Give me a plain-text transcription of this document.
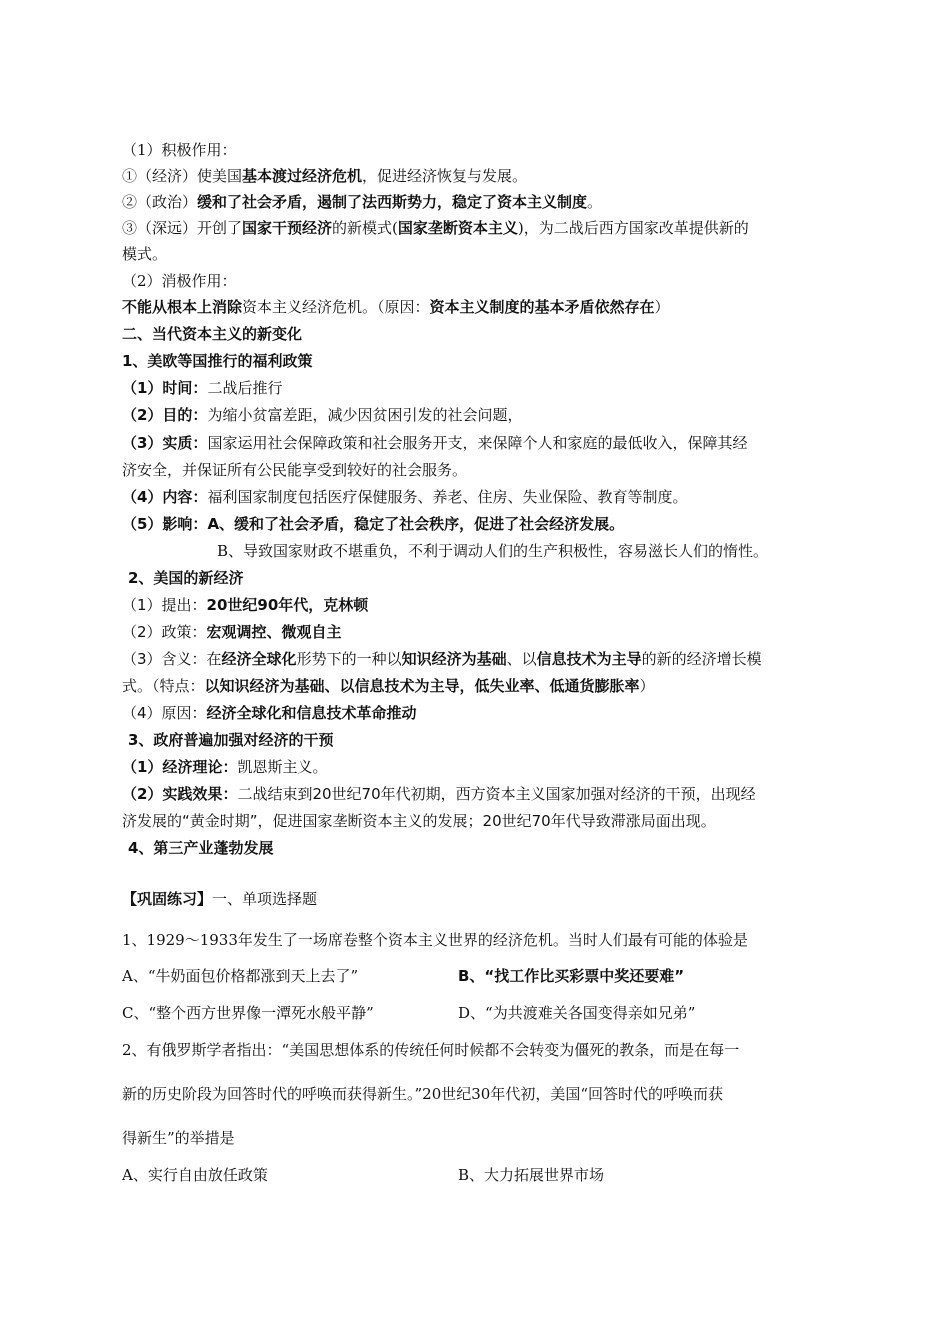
（1）积极作用：
①（经济）使美国基本渡过经济危机，促进经济恢复与发展。
②（政治）缓和了社会矛盾，遏制了法西斯势力，稳定了资本主义制度。
③（深远）开创了国家干预经济的新模式(国家垄断资本主义)，为二战后西方国家改革提供新的
模式。
（2）消极作用：
不能从根本上消除资本主义经济危机。（原因：资本主义制度的基本矛盾依然存在）
二、当代资本主义的新变化
1、美欧等国推行的福利政策
（1）时间：二战后推行
（2）目的：为缩小贫富差距，减少因贫困引发的社会问题，
（3）实质：国家运用社会保障政策和社会服务开支，来保障个人和家庭的最低收入，保障其经
济安全，并保证所有公民能享受到较好的社会服务。
（4）内容：福利国家制度包括医疗保健服务、养老、住房、失业保险、教育等制度。
（5）影响：A、缓和了社会矛盾，稳定了社会秩序，促进了社会经济发展。
B、导致国家财政不堪重负，不利于调动人们的生产积极性，容易滋长人们的惰性。
2、美国的新经济
（1）提出：20世纪90年代，克林顿
（2）政策：宏观调控、微观自主
（3）含义：在经济全球化形势下的一种以知识经济为基础、以信息技术为主导的新的经济增长模
式。（特点：以知识经济为基础、以信息技术为主导，低失业率、低通货膨胀率）
（4）原因：经济全球化和信息技术革命推动
3、政府普遍加强对经济的干预
（1）经济理论：凯恩斯主义。
（2）实践效果：二战结束到20世纪70年代初期，西方资本主义国家加强对经济的干预，出现经
济发展的“黄金时期”，促进国家垄断资本主义的发展；20世纪70年代导致滞涨局面出现。
4、第三产业蓬勃发展
【巩固练习】一、单项选择题
1、1929～1933年发生了一场席卷整个资本主义世界的经济危机。当时人们最有可能的体验是
A、“牛奶面包价格都涨到天上去了”	B、“找工作比买彩票中奖还要难”
C、“整个西方世界像一潭死水般平静”	D、“为共渡难关各国变得亲如兄弟”
2、有俄罗斯学者指出：“美国思想体系的传统任何时候都不会转变为僵死的教条，而是在每一
新的历史阶段为回答时代的呼唤而获得新生。”20世纪30年代初，美国“回答时代的呼唤而获
得新生”的举措是
A、实行自由放任政策	B、大力拓展世界市场
